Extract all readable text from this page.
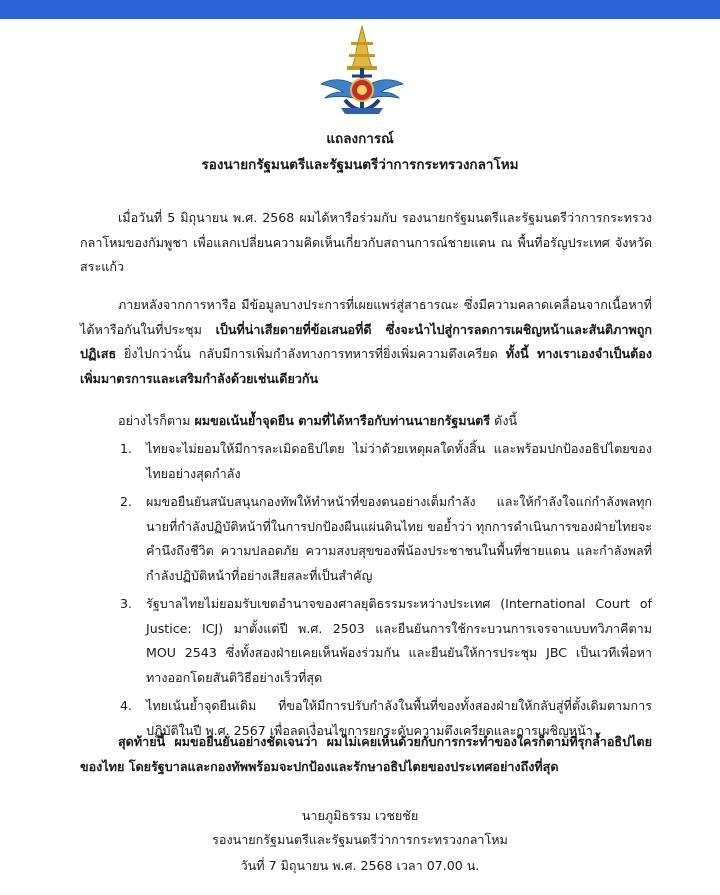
แถลงการณ์
รองนายกรัฐมนตรีและรัฐมนตรีว่าการกระทรวงกลาโหม

เมื่อวันที่ 5 มิถุนายน พ.ศ. 2568 ผมได้หารือร่วมกับ รองนายกรัฐมนตรีและรัฐมนตรีว่าการกระทรวงกลาโหมของกัมพูชา เพื่อแลกเปลี่ยนความคิดเห็นเกี่ยวกับสถานการณ์ชายแดน ณ พื้นที่อรัญประเทศ จังหวัดสระแก้ว

ภายหลังจากการหารือ มีข้อมูลบางประการที่เผยแพร่สู่สาธารณะ ซึ่งมีความคลาดเคลื่อนจากเนื้อหาที่ได้หารือกันในที่ประชุม เป็นที่น่าเสียดายที่ข้อเสนอที่ดี ซึ่งจะนำไปสู่การลดการเผชิญหน้าและสันติภาพถูกปฏิเสธ ยิ่งไปกว่านั้น กลับมีการเพิ่มกำลังทางการทหารที่ยิ่งเพิ่มความตึงเครียด ทั้งนี้ ทางเราเองจำเป็นต้องเพิ่มมาตรการและเสริมกำลังด้วยเช่นเดียวกัน

อย่างไรก็ตาม ผมขอเน้นย้ำจุดยืน ตามที่ได้หารือกับท่านนายกรัฐมนตรี ดังนี้

1. ไทยจะไม่ยอมให้มีการละเมิดอธิปไตย ไม่ว่าด้วยเหตุผลใดทั้งสิ้น และพร้อมปกป้องอธิปไตยของไทยอย่างสุดกำลัง
2. ผมขอยืนยันสนับสนุนกองทัพให้ทำหน้าที่ของตนอย่างเต็มกำลัง และให้กำลังใจแก่กำลังพลทุกนายที่กำลังปฏิบัติหน้าที่ในการปกป้องผืนแผ่นดินไทย ขอย้ำว่า ทุกการดำเนินการของฝ่ายไทยจะคำนึงถึงชีวิต ความปลอดภัย ความสงบสุขของพี่น้องประชาชนในพื้นที่ชายแดน และกำลังพลที่กำลังปฏิบัติหน้าที่อย่างเสียสละที่เป็นสำคัญ
3. รัฐบาลไทยไม่ยอมรับเขตอำนาจของศาลยุติธรรมระหว่างประเทศ (International Court of Justice: ICJ) มาตั้งแต่ปี พ.ศ. 2503 และยืนยันการใช้กระบวนการเจรจาแบบทวิภาคีตาม MOU 2543 ซึ่งทั้งสองฝ่ายเคยเห็นพ้องร่วมกัน และยืนยันให้การประชุม JBC เป็นเวทีเพื่อหาทางออกโดยสันติวิธีอย่างเร็วที่สุด
4. ไทยเน้นย้ำจุดยืนเดิม ที่ขอให้มีการปรับกำลังในพื้นที่ของทั้งสองฝ่ายให้กลับสู่ที่ตั้งเดิมตามการปฏิบัติในปี พ.ศ. 2567 เพื่อลดเงื่อนไขการยกระดับความตึงเครียดและการเผชิญหน้า

สุดท้ายนี้ ผมขอยืนยันอย่างชัดเจนว่า ผมไม่เคยเห็นด้วยกับการกระทำของใครก็ตามที่รุกล้ำอธิปไตยของไทย โดยรัฐบาลและกองทัพพร้อมจะปกป้องและรักษาอธิปไตยของประเทศอย่างถึงที่สุด

นายภูมิธรรม เวชยชัย
รองนายกรัฐมนตรีและรัฐมนตรีว่าการกระทรวงกลาโหม
วันที่ 7 มิถุนายน พ.ศ. 2568 เวลา 07.00 น.
